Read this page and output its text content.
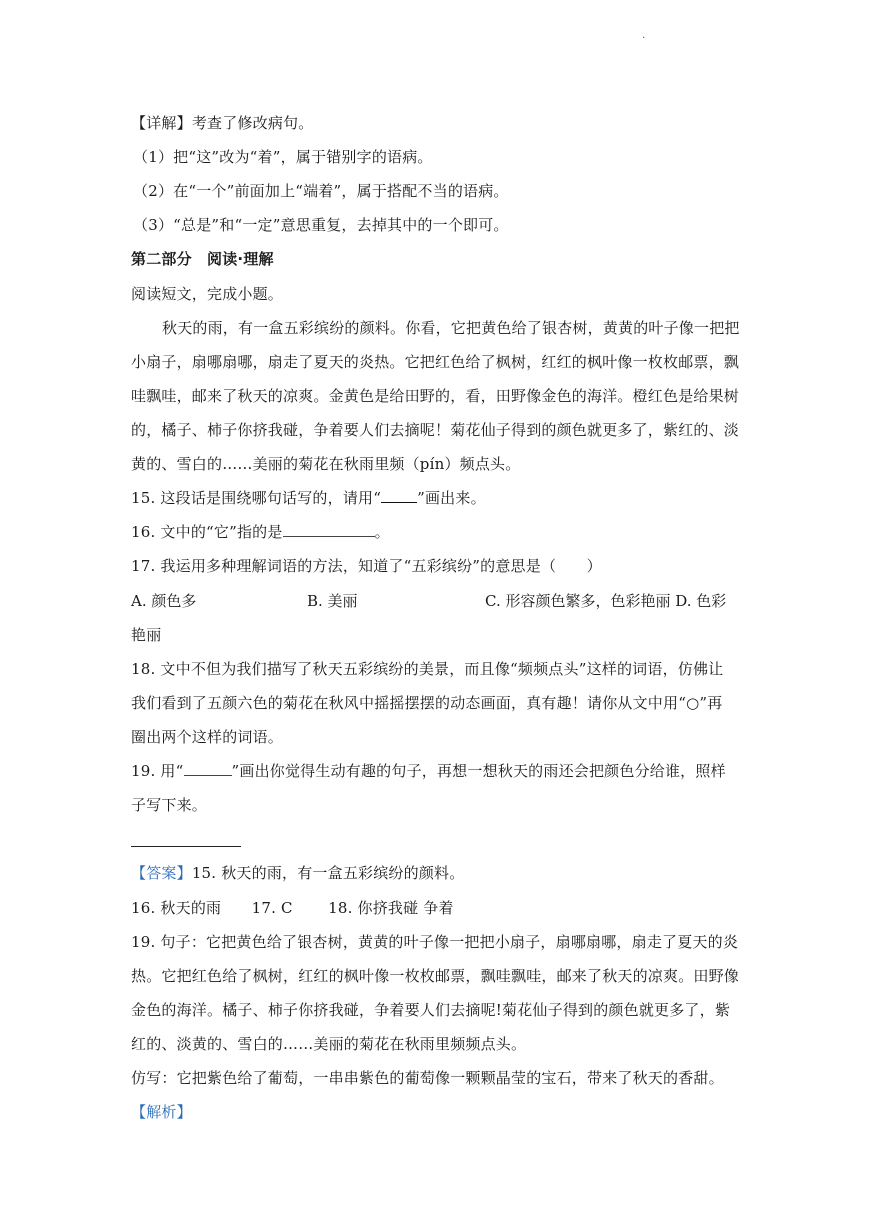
.
【详解】考查了修改病句。
（1）把“这”改为“着”，属于错别字的语病。
（2）在“一个”前面加上“端着”，属于搭配不当的语病。
（3）“总是”和“一定”意思重复，去掉其中的一个即可。
第二部分　阅读·理解
阅读短文，完成小题。
秋天的雨，有一盒五彩缤纷的颜料。你看，它把黄色给了银杏树，黄黄的叶子像一把把
小扇子，扇哪扇哪，扇走了夏天的炎热。它把红色给了枫树，红红的枫叶像一枚枚邮票，飘
哇飘哇，邮来了秋天的凉爽。金黄色是给田野的，看，田野像金色的海洋。橙红色是给果树
的，橘子、柿子你挤我碰，争着要人们去摘呢！菊花仙子得到的颜色就更多了，紫红的、淡
黄的、雪白的……美丽的菊花在秋雨里频（pín）频点头。
15. 这段话是围绕哪句话写的，请用“ ”画出来。
16. 文中的“它”指的是	。
17. 我运用多种理解词语的方法，知道了“五彩缤纷”的意思是（　　）
A. 颜色多	B. 美丽	C. 形容颜色繁多，色彩艳丽 D. 色彩
艳丽
18. 文中不但为我们描写了秋天五彩缤纷的美景，而且像“频频点头”这样的词语，仿佛让
我们看到了五颜六色的菊花在秋风中摇摇摆摆的动态画面，真有趣！请你从文中用“○”再
圈出两个这样的词语。
19. 用“	”画出你觉得生动有趣的句子，再想一想秋天的雨还会把颜色分给谁，照样
子写下来。
【答案】15. 秋天的雨，有一盒五彩缤纷的颜料。
16. 秋天的雨　　17. C　　 18. 你挤我碰 争着
19. 句子：它把黄色给了银杏树，黄黄的叶子像一把把小扇子，扇哪扇哪，扇走了夏天的炎
热。它把红色给了枫树，红红的枫叶像一枚枚邮票，飘哇飘哇，邮来了秋天的凉爽。田野像
金色的海洋。橘子、柿子你挤我碰，争着要人们去摘呢!菊花仙子得到的颜色就更多了，紫
红的、淡黄的、雪白的……美丽的菊花在秋雨里频频点头。
仿写：它把紫色给了葡萄，一串串紫色的葡萄像一颗颗晶莹的宝石，带来了秋天的香甜。
【解析】
